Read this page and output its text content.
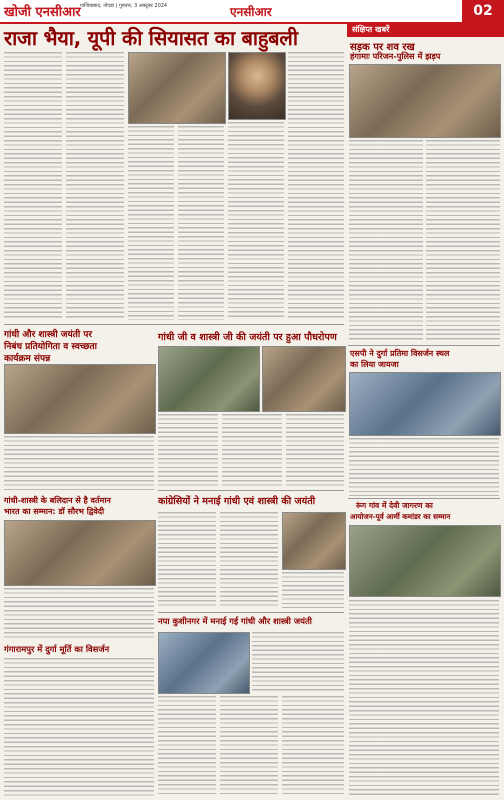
खोजी एनसीआर गाजियाबाद, नोएडा | गुरुवार, 3 अक्टूबर 2024	एनसीआर	02
राजा भैया, यूपी की सियासत का बाहुबली	संक्षिप्त खबरें
सड़क पर शव रख
हंगामाः परिजन-पुलिस में झड़प
एसपी ने दुर्गा प्रतिमा विसर्जन स्थल
का लिया जायजा
रूंग गांव में देवी जागरण का
आयोजन-पूर्व आर्मी कमांडर का सम्मान
गांधी और शास्त्री जयंती पर
निबंध प्रतियोगिता व स्वच्छता
कार्यक्रम संपन्न
गांधी-शास्त्री के बलिदान से है वर्तमान
भारत का सम्मान: डॉ सौरभ द्विवेदी
गंगारामपुर में दुर्गा मूर्ति का विसर्जन
गांधी जी व शास्त्री जी की जयंती पर हुआ पौधरोपण
कांग्रेसियों ने मनाई गांधी एवं शास्त्री की जयंती
नपा कुशीनगर में मनाई गई गांधी और शास्त्री जयंती
